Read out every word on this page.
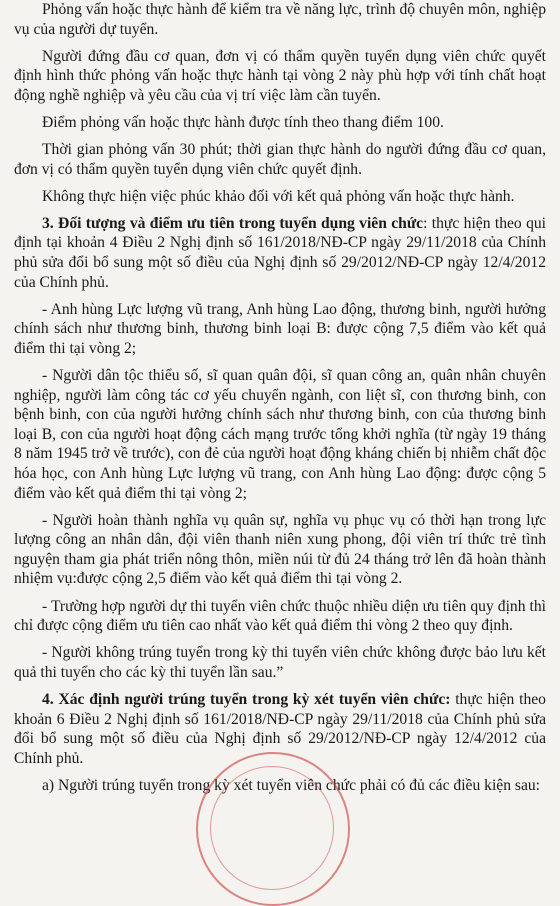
Phỏng vấn hoặc thực hành để kiểm tra về năng lực, trình độ chuyên môn, nghiệp vụ của người dự tuyển.

Người đứng đầu cơ quan, đơn vị có thẩm quyền tuyển dụng viên chức quyết định hình thức phỏng vấn hoặc thực hành tại vòng 2 này phù hợp với tính chất hoạt động nghề nghiệp và yêu cầu của vị trí việc làm cần tuyển.

Điểm phỏng vấn hoặc thực hành được tính theo thang điểm 100.

Thời gian phỏng vấn 30 phút; thời gian thực hành do người đứng đầu cơ quan, đơn vị có thẩm quyền tuyển dụng viên chức quyết định.

Không thực hiện việc phúc khảo đối với kết quả phỏng vấn hoặc thực hành.

3. Đối tượng và điểm ưu tiên trong tuyển dụng viên chức: thực hiện theo qui định tại khoản 4 Điều 2 Nghị định số 161/2018/NĐ-CP ngày 29/11/2018 của Chính phủ sửa đổi bổ sung một số điều của Nghị định số 29/2012/NĐ-CP ngày 12/4/2012 của Chính phủ.

- Anh hùng Lực lượng vũ trang, Anh hùng Lao động, thương binh, người hưởng chính sách như thương binh, thương binh loại B: được cộng 7,5 điểm vào kết quả điểm thi tại vòng 2;

- Người dân tộc thiểu số, sĩ quan quân đội, sĩ quan công an, quân nhân chuyên nghiệp, người làm công tác cơ yếu chuyển ngành, con liệt sĩ, con thương binh, con bệnh binh, con của người hưởng chính sách như thương binh, con của thương binh loại B, con của người hoạt động cách mạng trước tổng khởi nghĩa (từ ngày 19 tháng 8 năm 1945 trở về trước), con đẻ của người hoạt động kháng chiến bị nhiễm chất độc hóa học, con Anh hùng Lực lượng vũ trang, con Anh hùng Lao động: được cộng 5 điểm vào kết quả điểm thi tại vòng 2;

- Người hoàn thành nghĩa vụ quân sự, nghĩa vụ phục vụ có thời hạn trong lực lượng công an nhân dân, đội viên thanh niên xung phong, đội viên trí thức trẻ tình nguyện tham gia phát triển nông thôn, miền núi từ đủ 24 tháng trở lên đã hoàn thành nhiệm vụ:được cộng 2,5 điểm vào kết quả điểm thi tại vòng 2.

- Trường hợp người dự thi tuyển viên chức thuộc nhiều diện ưu tiên quy định thì chỉ được cộng điểm ưu tiên cao nhất vào kết quả điểm thi vòng 2 theo quy định.

- Người không trúng tuyển trong kỳ thi tuyển viên chức không được bảo lưu kết quả thi tuyển cho các kỳ thi tuyển lần sau.”

4. Xác định người trúng tuyển trong kỳ xét tuyển viên chức: thực hiện theo khoản 6 Điều 2 Nghị định số 161/2018/NĐ-CP ngày 29/11/2018 của Chính phủ sửa đổi bổ sung một số điều của Nghị định số 29/2012/NĐ-CP ngày 12/4/2012 của Chính phủ.

a) Người trúng tuyển trong kỳ xét tuyển viên chức phải có đủ các điều kiện sau:
